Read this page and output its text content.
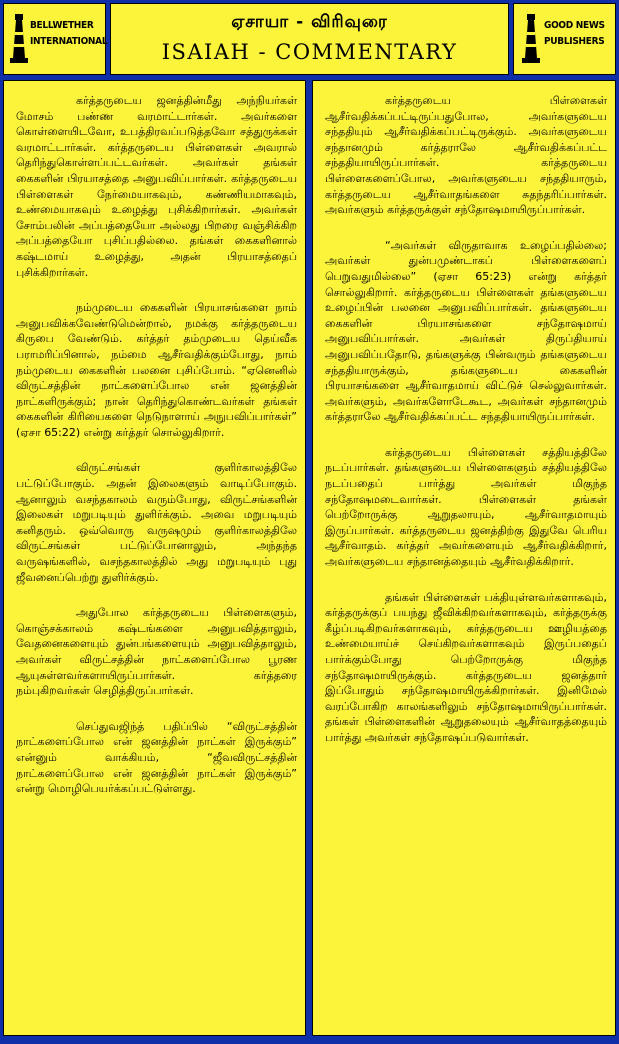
BELLWETHER
INTERNATIONAL
ஏசாயா - விரிவுரை
ISAIAH - COMMENTARY
GOOD NEWS
PUBLISHERS

கர்த்தருடைய ஜனத்தின்மீது அந்நியர்கள் மோசம் பண்ண வரமாட்டார்கள். அவர்களை கொள்ளையிடவோ, உபத்திரவப்படுத்தவோ சத்துருக்கள் வரமாட்டார்கள். கர்த்தருடைய பிள்ளைகள் அவரால் தெரிந்துகொள்ளப்பட்டவர்கள். அவர்கள் தங்கள் கைகளின் பிரயாசத்தை அனுபவிப்பார்கள். கர்த்தருடைய பிள்ளைகள் நேர்மையாகவும், கண்ணியமாகவும், உண்மையாகவும் உழைத்து புசிக்கிறார்கள். அவர்கள் சோம்பலின் அப்பத்தையோ அல்லது பிறரை வஞ்சிக்கிற அப்பத்தையோ புசிப்பதில்லை. தங்கள் கைகளினால் கஷ்டமாய் உழைத்து, அதன் பிரயாசத்தைப் புசிக்கிறார்கள்.

நம்முடைய கைகளின் பிரயாசங்களை நாம் அனுபவிக்கவேண்டுமென்றால், நமக்கு கர்த்தருடைய கிருபை வேண்டும். கர்த்தர் தம்முடைய தெய்வீக பராமரிப்பினால், நம்மை ஆசீர்வதிக்கும்போது, நாம் நம்முடைய கைகளின் பலனை புசிப்போம். “ஏனெனில் விருட்சத்தின் நாட்களைப்போல என் ஜனத்தின் நாட்களிருக்கும்; நான் தெரிந்துகொண்டவர்கள் தங்கள் கைகளின் கிரியைகளை நெடுநாளாய் அநுபவிப்பார்கள்” (ஏசா 65:22) என்று கர்த்தர் சொல்லுகிறார்.

விருட்சங்கள் குளிர்காலத்திலே பட்டுப்போகும். அதன் இலைகளும் வாடிப்போகும். ஆனாலும் வசந்தகாலம் வரும்போது, விருட்சங்களின் இலைகள் மறுபடியும் துளிர்க்கும். அவை மறுபடியும் கனிதரும். ஒவ்வொரு வருஷமும் குளிர்காலத்திலே விருட்சங்கள் பட்டுப்போனாலும், அந்தந்த வருஷங்களில், வசந்தகாலத்தில் அது மறுபடியும் புது ஜீவனைப்பெற்று துளிர்க்கும்.

அதுபோல கர்த்தருடைய பிள்ளைகளும், கொஞ்சக்காலம் கஷ்டங்களை அனுபவித்தாலும், வேதனைகளையும் துன்பங்களையும் அனுபவித்தாலும், அவர்கள் விருட்சத்தின் நாட்களைப்போல பூரண ஆயுசுள்ளவர்களாயிருப்பார்கள். கர்த்தரை நம்புகிறவர்கள் செழித்திருப்பார்கள்.

செப்துவஜிந்த் பதிப்பில் “விருட்சத்தின் நாட்களைப்போல என் ஜனத்தின் நாட்கள் இருக்கும்” என்னும் வாக்கியம், “ஜீவவிருட்சத்தின் நாட்களைப்போல என் ஜனத்தின் நாட்கள் இருக்கும்” என்று மொழிபெயர்க்கப்பட்டுள்ளது.

கர்த்தருடைய பிள்ளைகள் ஆசீர்வதிக்கப்பட்டிருப்பதுபோல, அவர்களுடைய சந்ததியும் ஆசீர்வதிக்கப்பட்டிருக்கும். அவர்களுடைய சந்தானமும் கர்த்தராலே ஆசீர்வதிக்கப்பட்ட சந்ததியாயிருப்பார்கள். கர்த்தருடைய பிள்ளைகளைப்போல, அவர்களுடைய சந்ததியாரும், கர்த்தருடைய ஆசீர்வாதங்களை சுதந்தரிப்பார்கள். அவர்களும் கர்த்தருக்குள் சந்தோஷமாயிருப்பார்கள்.

“அவர்கள் விருதாவாக உழைப்பதில்லை; அவர்கள் துன்பமுண்டாகப் பிள்ளைகளைப் பெறுவதுமில்லை” (ஏசா 65:23) என்று கர்த்தர் சொல்லுகிறார். கர்த்தருடைய பிள்ளைகள் தங்களுடைய உழைப்பின் பலனை அனுபவிப்பார்கள். தங்களுடைய கைகளின் பிரயாசங்களை சந்தோஷமாய் அனுபவிப்பார்கள். அவர்கள் திருப்தியாய் அனுபவிப்பதோடு, தங்களுக்கு பின்வரும் தங்களுடைய சந்ததியாருக்கும், தங்களுடைய கைகளின் பிரயாசங்களை ஆசீர்வாதமாய் விட்டுச் செல்லுவார்கள். அவர்களும், அவர்களோடேகூட, அவர்கள் சந்தானமும் கர்த்தராலே ஆசீர்வதிக்கப்பட்ட சந்ததியாயிருப்பார்கள்.

கர்த்தருடைய பிள்ளைகள் சத்தியத்திலே நடப்பார்கள். தங்களுடைய பிள்ளைகளும் சத்தியத்திலே நடப்பதைப் பார்த்து அவர்கள் மிகுந்த சந்தோஷமடைவார்கள். பிள்ளைகள் தங்கள் பெற்றோருக்கு ஆறுதலாயும், ஆசீர்வாதமாயும் இருப்பார்கள். கர்த்தருடைய ஜனத்திற்கு இதுவே பெரிய ஆசீர்வாதம். கர்த்தர் அவர்களையும் ஆசீர்வதிக்கிறார், அவர்களுடைய சந்தானத்தையும் ஆசீர்வதிக்கிறார்.

தங்கள் பிள்ளைகள் பக்தியுள்ளவர்களாகவும், கர்த்தருக்குப் பயந்து ஜீவிக்கிறவர்களாகவும், கர்த்தருக்கு கீழ்ப்படிகிறவர்களாகவும், கர்த்தருடைய ஊழியத்தை உண்மையாய்ச் செய்கிறவர்களாகவும் இருப்பதைப் பார்க்கும்போது பெற்றோருக்கு மிகுந்த சந்தோஷமாயிருக்கும். கர்த்தருடைய ஜனத்தார் இப்போதும் சந்தோஷமாயிருக்கிறார்கள். இனிமேல் வரப்போகிற காலங்களிலும் சந்தோஷமாயிருப்பார்கள். தங்கள் பிள்ளைகளின் ஆறுதலையும் ஆசீர்வாதத்தையும் பார்த்து அவர்கள் சந்தோஷப்படுவார்கள்.
